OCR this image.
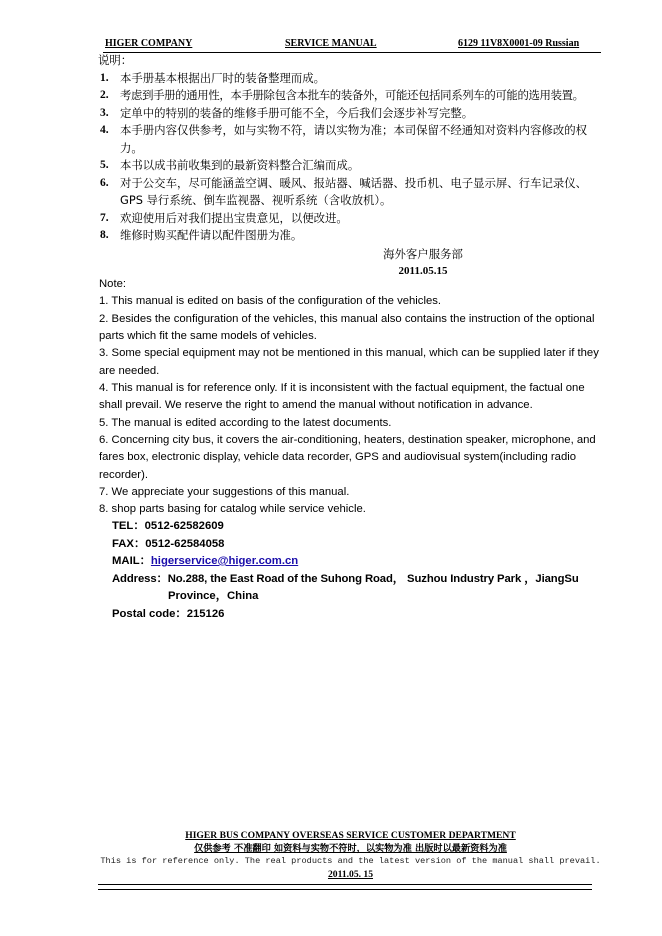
HIGER COMPANY	SERVICE MANUAL	6129 11V8X0001-09 Russian
说明：
1. 本手册基本根据出厂时的装备整理而成。
2. 考虑到手册的通用性，本手册除包含本批车的装备外，可能还包括同系列车的可能的选用装置。
3. 定单中的特别的装备的维修手册可能不全，今后我们会逐步补写完整。
4. 本手册内容仅供参考，如与实物不符，请以实物为准；本司保留不经通知对资料内容修改的权力。
5. 本书以成书前收集到的最新资料整合汇编而成。
6. 对于公交车，尽可能涵盖空调、暖风、报站器、喊话器、投币机、电子显示屏、行车记录仪、GPS 导行系统、倒车监视器、视听系统（含收放机）。
7. 欢迎使用后对我们提出宝贵意见，以便改进。
8. 维修时购买配件请以配件图册为准。
海外客户服务部
2011.05.15
Note:
1. This manual is edited on basis of the configuration of the vehicles.
2. Besides the configuration of the vehicles, this manual also contains the instruction of the optional parts which fit the same models of vehicles.
3. Some special equipment may not be mentioned in this manual, which can be supplied later if they are needed.
4. This manual is for reference only. If it is inconsistent with the factual equipment, the factual one shall prevail. We reserve the right to amend the manual without notification in advance.
5. The manual is edited according to the latest documents.
6. Concerning city bus, it covers the air-conditioning, heaters, destination speaker, microphone, and fares box, electronic display, vehicle data recorder, GPS and audiovisual system(including radio recorder).
7. We appreciate your suggestions of this manual.
8. shop parts basing for catalog while service vehicle.
TEL：0512-62582609
FAX：0512-62584058
MAIL：higerservice@higer.com.cn
Address：No.288, the East Road of the Suhong Road， Suzhou Industry Park ，JiangSu
Province，China
Postal code：215126
HIGER BUS COMPANY OVERSEAS SERVICE CUSTOMER DEPARTMENT
仅供参考 不准翻印 如资料与实物不符时，以实物为准 出版时以最新资料为准
This is for reference only. The real products and the latest version of the manual shall prevail.
2011.05. 15
